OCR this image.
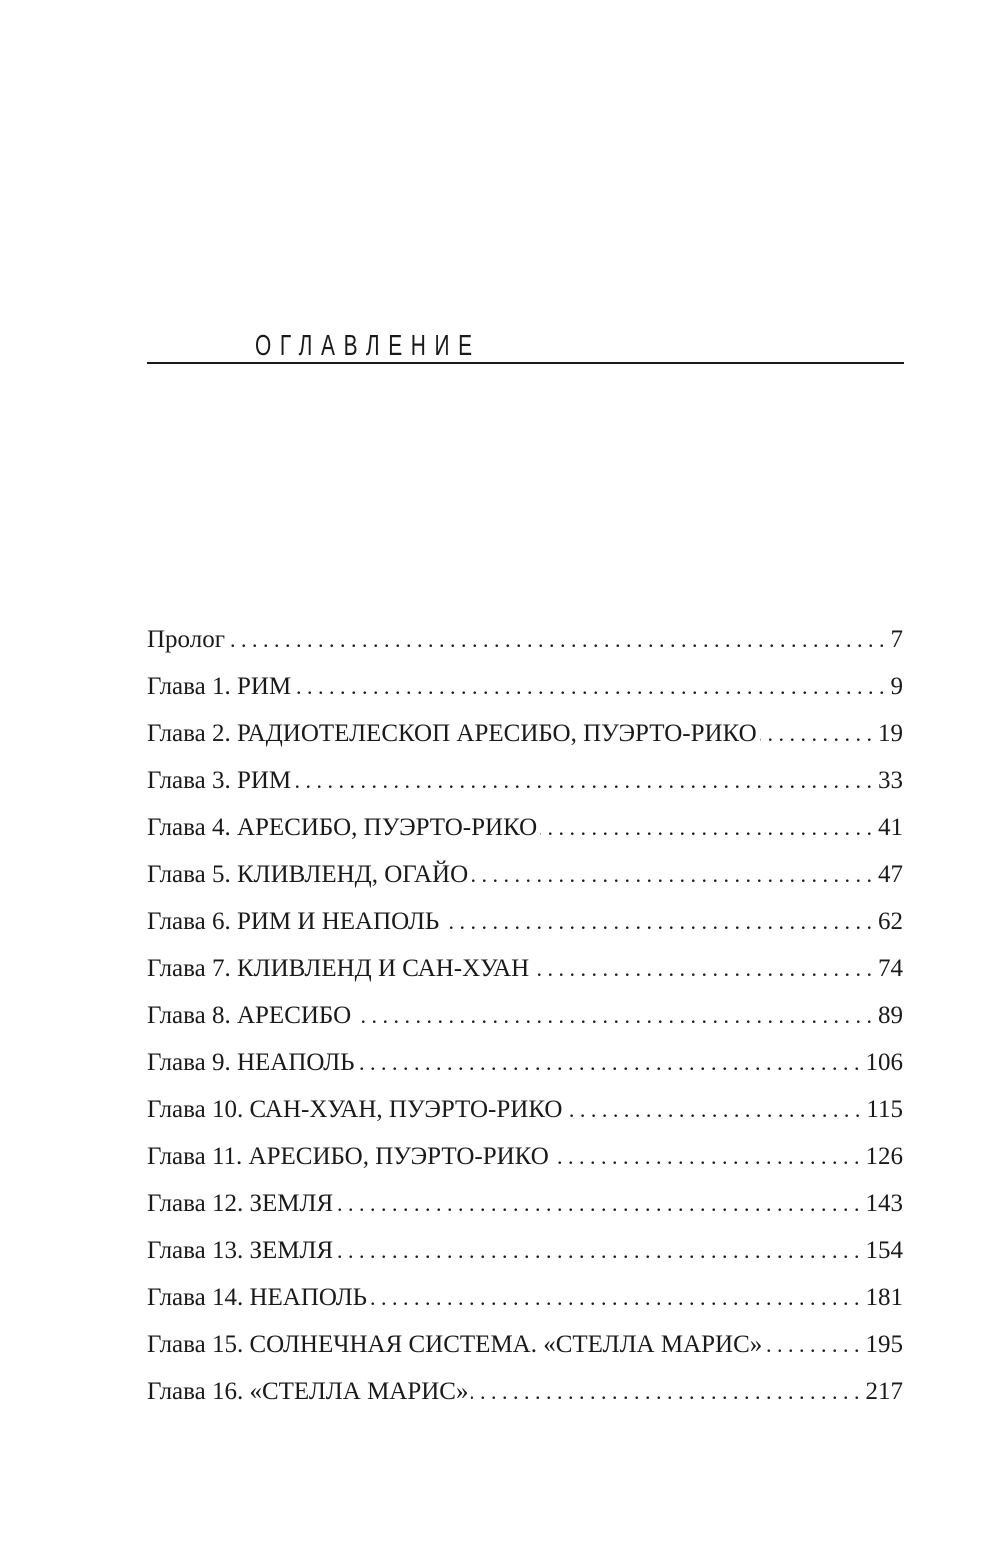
ОГЛАВЛЕНИЕ
Пролог . . .	7
Глава 1. РИМ . . .	9
Глава 2. РАДИОТЕЛЕСКОП АРЕСИБО, ПУЭРТО-РИКО . . .	19
Глава 3. РИМ . . .	33
Глава 4. АРЕСИБО, ПУЭРТО-РИКО . . .	41
Глава 5. КЛИВЛЕНД, ОГАЙО . . .	47
Глава 6. РИМ И НЕАПОЛЬ . . .	62
Глава 7. КЛИВЛЕНД И САН-ХУАН . . .	74
Глава 8. АРЕСИБО . . .	89
Глава 9. НЕАПОЛЬ . . .	106
Глава 10. САН-ХУАН, ПУЭРТО-РИКО . . .	115
Глава 11. АРЕСИБО, ПУЭРТО-РИКО . . .	126
Глава 12. ЗЕМЛЯ . . .	143
Глава 13. ЗЕМЛЯ . . .	154
Глава 14. НЕАПОЛЬ . . .	181
Глава 15. СОЛНЕЧНАЯ СИСТЕМА. «СТЕЛЛА МАРИС» . . .	195
Глава 16. «СТЕЛЛА МАРИС» . . .	217
